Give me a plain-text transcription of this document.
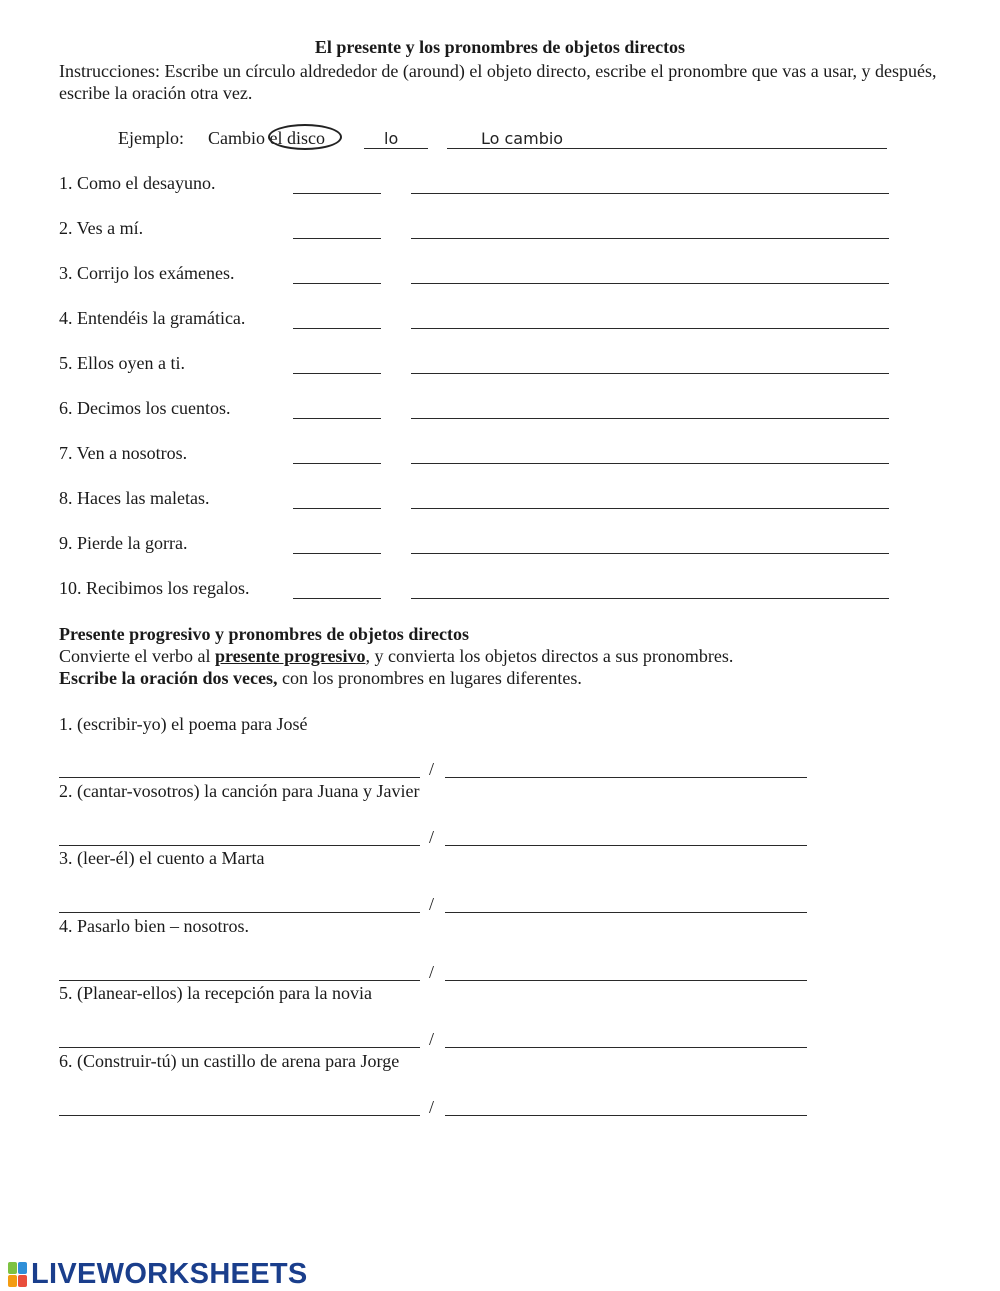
El presente y los pronombres de objetos directos
Instrucciones: Escribe un círculo aldrededor de (around) el objeto directo, escribe el pronombre que vas a usar, y después, escribe la oración otra vez.
Ejemplo: Cambio el disco	lo	Lo cambio
1. Como el desayuno.
2. Ves a mí.
3. Corrijo los exámenes.
4. Entendéis la gramática.
5. Ellos oyen a ti.
6. Decimos los cuentos.
7. Ven a nosotros.
8. Haces las maletas.
9. Pierde la gorra.
10. Recibimos los regalos.
Presente progresivo y pronombres de objetos directos
Convierte el verbo al presente progresivo, y convierta los objetos directos a sus pronombres.
Escribe la oración dos veces, con los pronombres en lugares diferentes.
1. (escribir-yo) el poema para José
/
2. (cantar-vosotros) la canción para Juana y Javier
/
3. (leer-él) el cuento a Marta
/
4. Pasarlo bien – nosotros.
/
5. (Planear-ellos) la recepción para la novia
/
6. (Construir-tú) un castillo de arena para Jorge
/
LIVEWORKSHEETS
